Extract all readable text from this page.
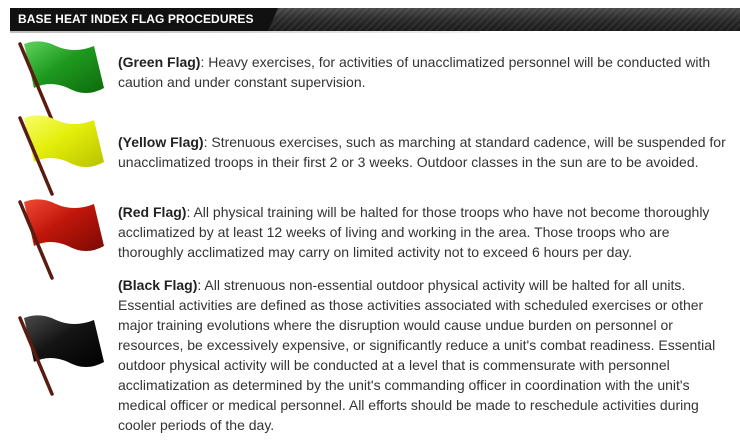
BASE HEAT INDEX FLAG PROCEDURES

(Green Flag): Heavy exercises, for activities of unacclimatized personnel will be conducted with caution and under constant supervision.

(Yellow Flag): Strenuous exercises, such as marching at standard cadence, will be suspended for unacclimatized troops in their first 2 or 3 weeks. Outdoor classes in the sun are to be avoided.

(Red Flag): All physical training will be halted for those troops who have not become thoroughly acclimatized by at least 12 weeks of living and working in the area. Those troops who are thoroughly acclimatized may carry on limited activity not to exceed 6 hours per day.

(Black Flag): All strenuous non-essential outdoor physical activity will be halted for all units. Essential activities are defined as those activities associated with scheduled exercises or other major training evolutions where the disruption would cause undue burden on personnel or resources, be excessively expensive, or significantly reduce a unit's combat readiness. Essential outdoor physical activity will be conducted at a level that is commensurate with personnel acclimatization as determined by the unit's commanding officer in coordination with the unit's medical officer or medical personnel. All efforts should be made to reschedule activities during cooler periods of the day.
